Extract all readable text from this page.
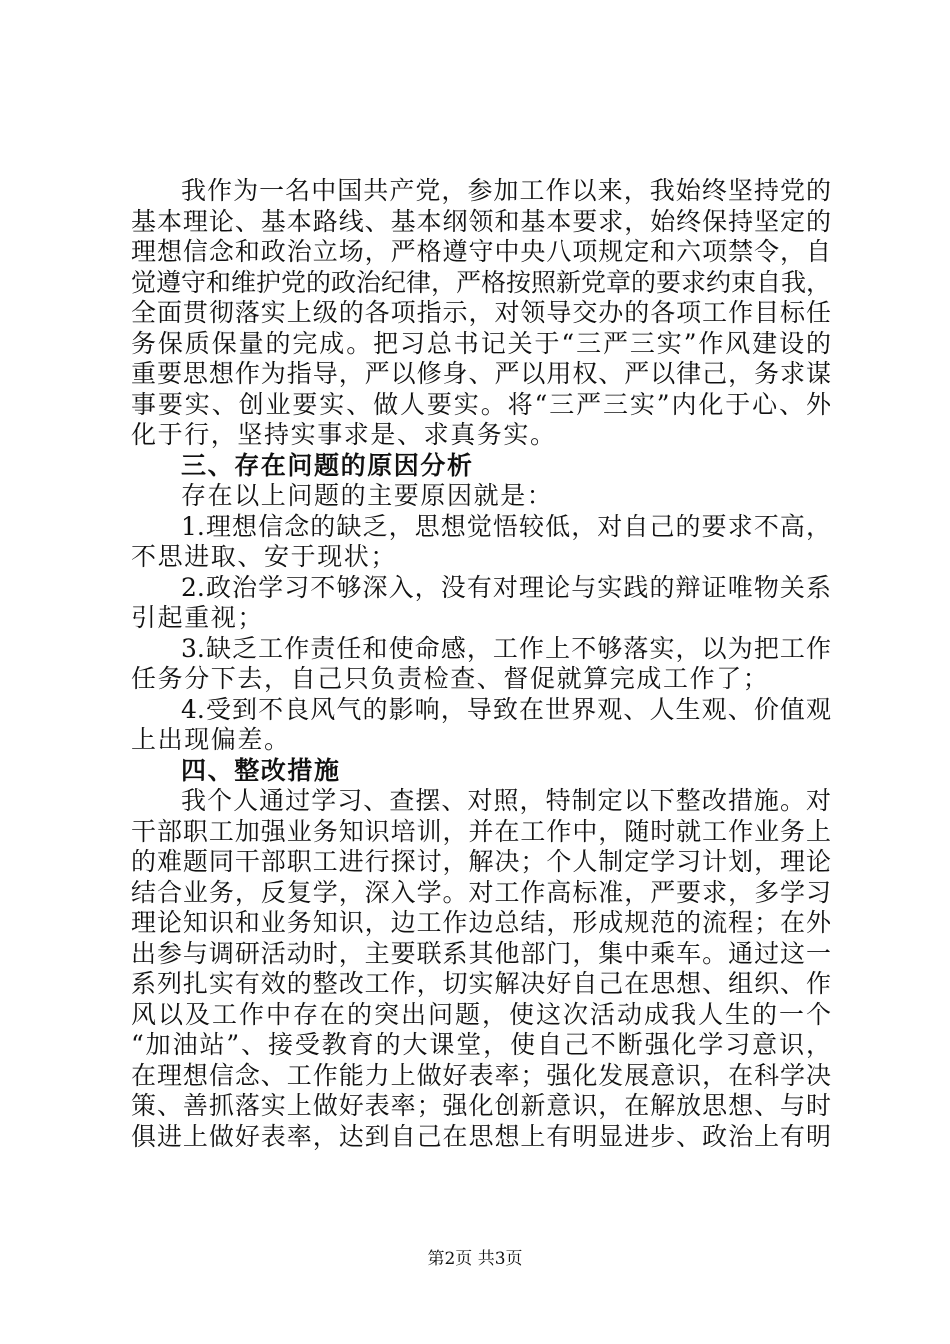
我作为一名中国共产党，参加工作以来，我始终坚持党的
基本理论、基本路线、基本纲领和基本要求，始终保持坚定的
理想信念和政治立场，严格遵守中央八项规定和六项禁令，自
觉遵守和维护党的政治纪律，严格按照新党章的要求约束自我，
全面贯彻落实上级的各项指示，对领导交办的各项工作目标任
务保质保量的完成。把习总书记关于“三严三实”作风建设的
重要思想作为指导，严以修身、严以用权、严以律己，务求谋
事要实、创业要实、做人要实。将“三严三实”内化于心、外
化于行，坚持实事求是、求真务实。
三、存在问题的原因分析
存在以上问题的主要原因就是：
1.理想信念的缺乏，思想觉悟较低，对自己的要求不高，
不思进取、安于现状；
2.政治学习不够深入，没有对理论与实践的辩证唯物关系
引起重视；
3.缺乏工作责任和使命感，工作上不够落实，以为把工作
任务分下去，自己只负责检查、督促就算完成工作了；
4.受到不良风气的影响，导致在世界观、人生观、价值观
上出现偏差。
四、整改措施
我个人通过学习、查摆、对照，特制定以下整改措施。对
干部职工加强业务知识培训，并在工作中，随时就工作业务上
的难题同干部职工进行探讨，解决；个人制定学习计划，理论
结合业务，反复学，深入学。对工作高标准，严要求，多学习
理论知识和业务知识，边工作边总结，形成规范的流程；在外
出参与调研活动时，主要联系其他部门，集中乘车。通过这一
系列扎实有效的整改工作，切实解决好自己在思想、组织、作
风以及工作中存在的突出问题，使这次活动成我人生的一个
“加油站”、接受教育的大课堂，使自己不断强化学习意识，
在理想信念、工作能力上做好表率；强化发展意识，在科学决
策、善抓落实上做好表率；强化创新意识，在解放思想、与时
俱进上做好表率，达到自己在思想上有明显进步、政治上有明
第2页 共3页
